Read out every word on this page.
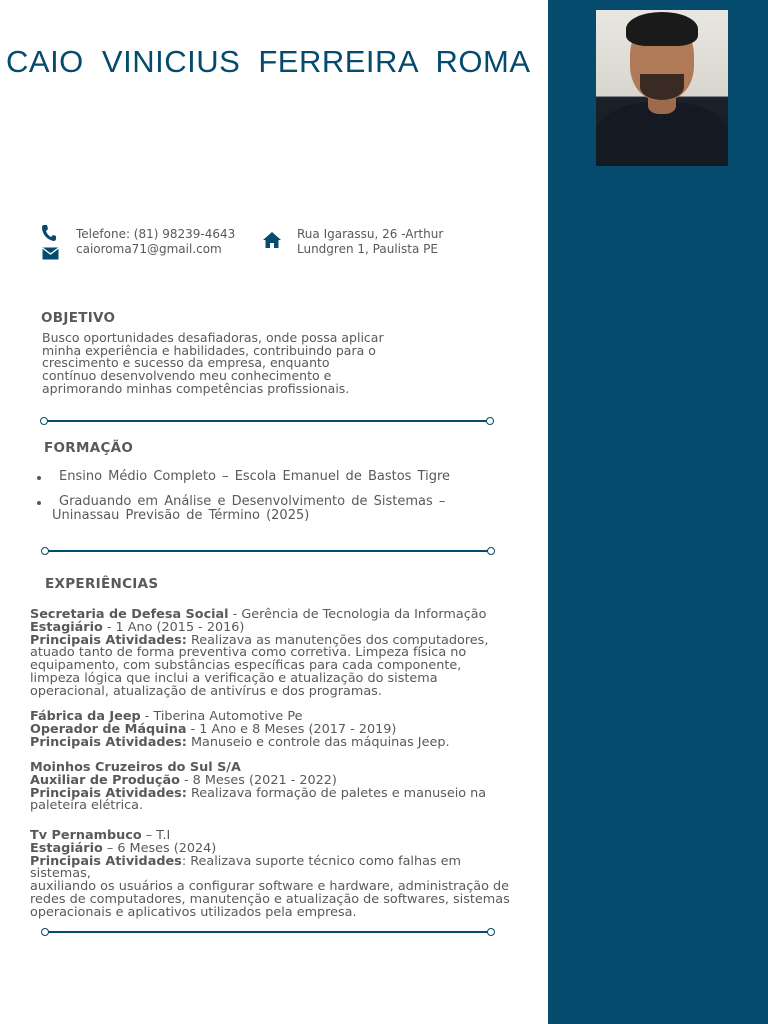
CAIO VINICIUS FERREIRA ROMA
Telefone: (81) 98239-4643
caioroma71@gmail.com
Rua Igarassu, 26 -Arthur
Lundgren 1, Paulista PE
OBJETIVO
Busco oportunidades desafiadoras, onde possa aplicar
minha experiência e habilidades, contribuindo para o
crescimento e sucesso da empresa, enquanto
contínuo desenvolvendo meu conhecimento e
aprimorando minhas competências profissionais.
FORMAÇÃO
Ensino Médio Completo – Escola Emanuel de Bastos Tigre
Graduando em Análise e Desenvolvimento de Sistemas –
Uninassau Previsão de Término (2025)
EXPERIÊNCIAS

Secretaria de Defesa Social - Gerência de Tecnologia da Informação

Estagiário - 1 Ano (2015 - 2016)

Principais Atividades: Realizava as manutenções dos computadores,

atuado tanto de forma preventiva como corretiva. Limpeza física no

equipamento, com substâncias específicas para cada componente,

limpeza lógica que inclui a verificação e atualização do sistema

operacional, atualização de antivírus e dos programas.

Fábrica da Jeep - Tiberina Automotive Pe

Operador de Máquina - 1 Ano e 8 Meses (2017 - 2019)

Principais Atividades: Manuseio e controle das máquinas Jeep.

Moinhos Cruzeiros do Sul S/A

Auxiliar de Produção - 8 Meses (2021 - 2022)

Principais Atividades: Realizava formação de paletes e manuseio na

paleteira elétrica.

Tv Pernambuco – T.I

Estagiário – 6 Meses (2024)

Principais Atividades: Realizava suporte técnico como falhas em sistemas,

auxiliando os usuários a configurar software e hardware, administração de

redes de computadores, manutenção e atualização de softwares, sistemas

operacionais e aplicativos utilizados pela empresa.
